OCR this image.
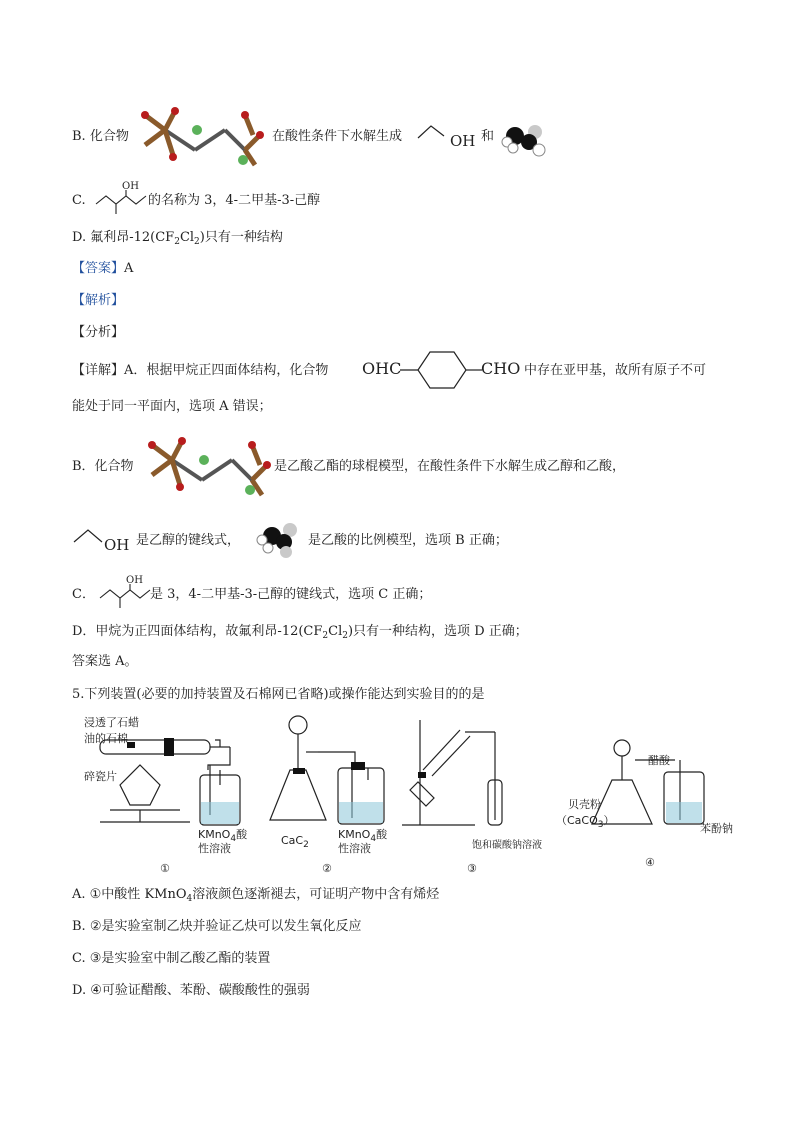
B. 化合物	在酸性条件下水解生成	OH 和
C.
OH
的名称为 3，4-二甲基-3-己醇
D. 氟利昂$-12(CF_2Cl_2)$只有一种结构
【答案】A
【解析】
【分析】
【详解】A．根据甲烷正四面体结构，化合物 OHC	CHO 中存在亚甲基，故所有原子不可
能处于同一平面内，选项 A 错误；
B．化合物	是乙酸乙酯的球棍模型，在酸性条件下水解生成乙醇和乙酸，
OH 是乙醇的键线式，	是乙酸的比例模型，选项 B 正确；
C．
OH
是 3，4-二甲基-3-己醇的键线式，选项 C 正确；
D．甲烷为正四面体结构，故氟利昂$-12(CF_2Cl_2)$只有一种结构，选项 D 正确；
答案选 A。
5.下列装置(必要的加持装置及石棉网已省略)或操作能达到实验目的的是
浸透了石蜡
油的石棉
碎瓷片
KMnO$_4$酸
性溶液
CaC$_2$
KMnO$_4$酸
性溶液	饱和碳酸钠溶液
醋酸
贝壳粉
（CaCO$_3$）
苯酚钠
①	②	③	④
A. ①中酸性 KMnO$_4$溶液颜色逐渐褪去，可证明产物中含有烯烃
B. ②是实验室制乙炔并验证乙炔可以发生氧化反应
C. ③是实验室中制乙酸乙酯的装置
D. ④可验证醋酸、苯酚、碳酸酸性的强弱
